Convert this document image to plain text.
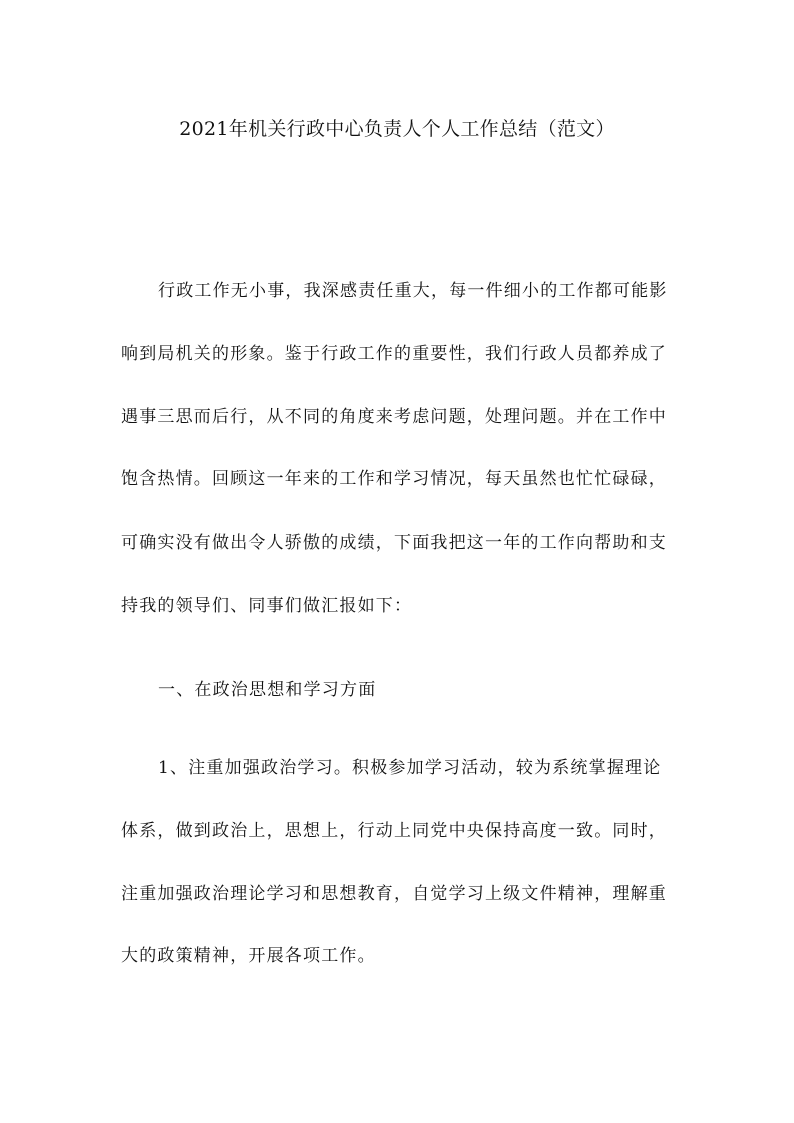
2021年机关行政中心负责人个人工作总结（范文）
行政工作无小事，我深感责任重大，每一件细小的工作都可能影
响到局机关的形象。鉴于行政工作的重要性，我们行政人员都养成了
遇事三思而后行，从不同的角度来考虑问题，处理问题。并在工作中
饱含热情。回顾这一年来的工作和学习情况，每天虽然也忙忙碌碌，
可确实没有做出令人骄傲的成绩，下面我把这一年的工作向帮助和支
持我的领导们、同事们做汇报如下：
一、在政治思想和学习方面
1、注重加强政治学习。积极参加学习活动，较为系统掌握理论
体系，做到政治上，思想上，行动上同党中央保持高度一致。同时，
注重加强政治理论学习和思想教育，自觉学习上级文件精神，理解重
大的政策精神，开展各项工作。
